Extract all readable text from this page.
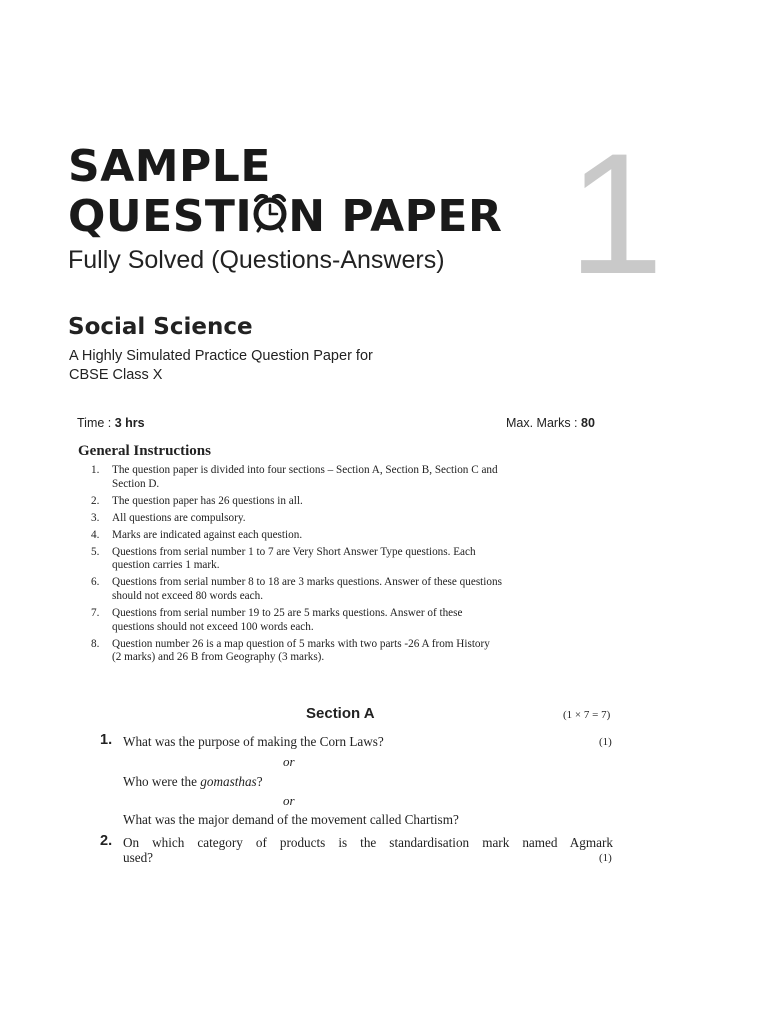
SAMPLE
QUESTI N PAPER 1
Fully Solved (Questions-Answers)
Social Science
A Highly Simulated Practice Question Paper for
CBSE Class X
Time : 3 hrs	Max. Marks : 80
General Instructions
1. The question paper is divided into four sections – Section A, Section B, Section C and
Section D.
2. The question paper has 26 questions in all.
3. All questions are compulsory.
4. Marks are indicated against each question.
5. Questions from serial number 1 to 7 are Very Short Answer Type questions. Each
question carries 1 mark.
6. Questions from serial number 8 to 18 are 3 marks questions. Answer of these questions
should not exceed 80 words each.
7. Questions from serial number 19 to 25 are 5 marks questions. Answer of these
questions should not exceed 100 words each.
8. Question number 26 is a map question of 5 marks with two parts -26 A from History
(2 marks) and 26 B from Geography (3 marks).
Section A	(1 × 7 = 7)
1. What was the purpose of making the Corn Laws?	(1)
or
Who were the gomasthas?
or
What was the major demand of the movement called Chartism?
2. On which category of products is the standardisation mark named Agmark
used?	(1)
